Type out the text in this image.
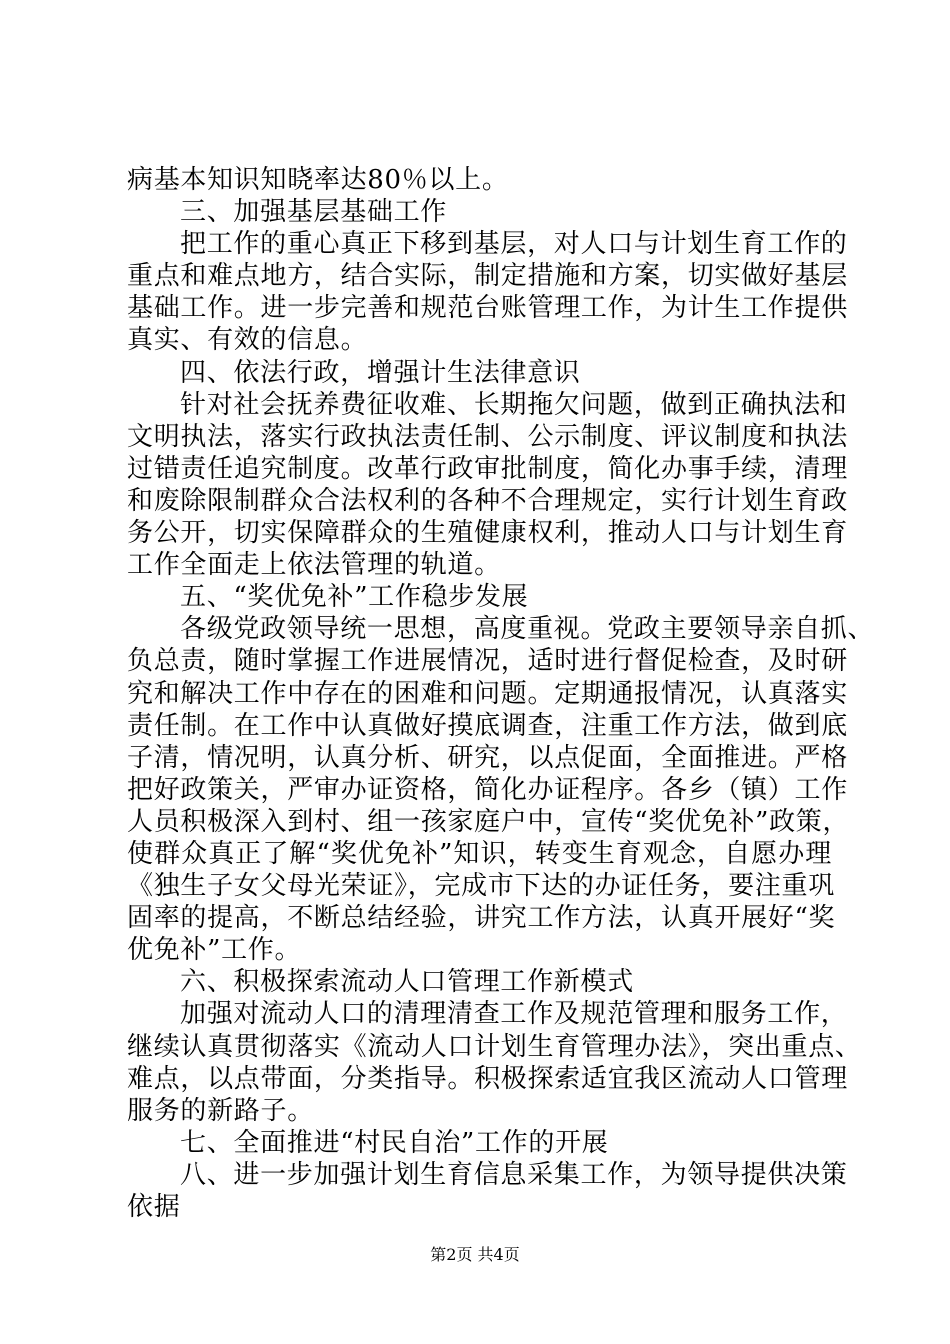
病基本知识知晓率达80％以上。
三、加强基层基础工作
把工作的重心真正下移到基层，对人口与计划生育工作的
重点和难点地方，结合实际，制定措施和方案，切实做好基层
基础工作。进一步完善和规范台账管理工作，为计生工作提供
真实、有效的信息。
四、依法行政，增强计生法律意识
针对社会抚养费征收难、长期拖欠问题，做到正确执法和
文明执法，落实行政执法责任制、公示制度、评议制度和执法
过错责任追究制度。改革行政审批制度，简化办事手续，清理
和废除限制群众合法权利的各种不合理规定，实行计划生育政
务公开，切实保障群众的生殖健康权利，推动人口与计划生育
工作全面走上依法管理的轨道。
五、“奖优免补”工作稳步发展
各级党政领导统一思想，高度重视。党政主要领导亲自抓、
负总责，随时掌握工作进展情况，适时进行督促检查，及时研
究和解决工作中存在的困难和问题。定期通报情况，认真落实
责任制。在工作中认真做好摸底调查，注重工作方法，做到底
子清，情况明，认真分析、研究，以点促面，全面推进。严格
把好政策关，严审办证资格，简化办证程序。各乡（镇）工作
人员积极深入到村、组一孩家庭户中，宣传“奖优免补”政策，
使群众真正了解“奖优免补”知识，转变生育观念，自愿办理
《独生子女父母光荣证》，完成市下达的办证任务，要注重巩
固率的提高，不断总结经验，讲究工作方法，认真开展好“奖
优免补”工作。
六、积极探索流动人口管理工作新模式
加强对流动人口的清理清查工作及规范管理和服务工作，
继续认真贯彻落实《流动人口计划生育管理办法》，突出重点、
难点，以点带面，分类指导。积极探索适宜我区流动人口管理
服务的新路子。
七、全面推进“村民自治”工作的开展
八、进一步加强计划生育信息采集工作，为领导提供决策
依据
第2页 共4页
